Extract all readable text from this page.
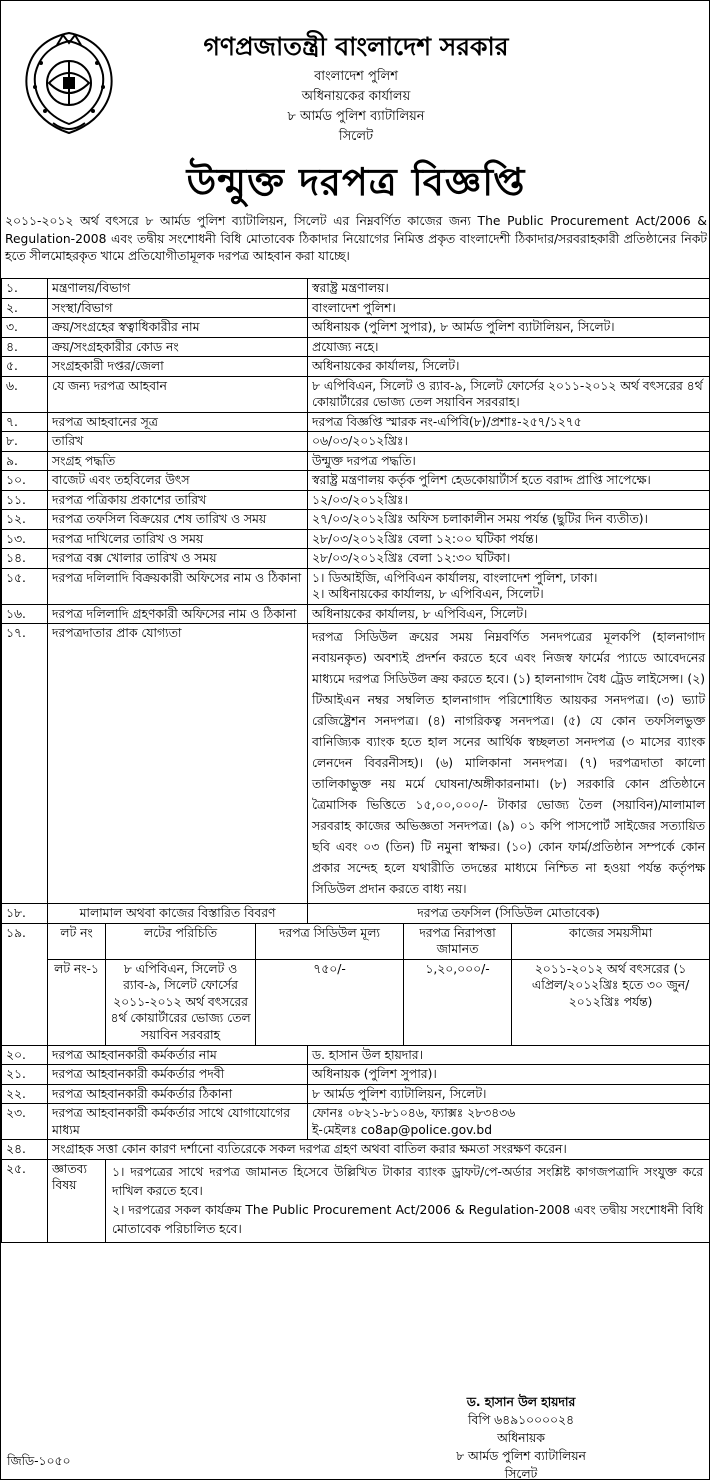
গণপ্রজাতন্ত্রী বাংলাদেশ সরকার
বাংলাদেশ পুলিশ
অধিনায়কের কার্যালয়
৮ আর্মড পুলিশ ব্যাটালিয়ন
সিলেট
উন্মুক্ত দরপত্র বিজ্ঞপ্তি

২০১১-২০১২ অর্থ বৎসরে ৮ আর্মড পুলিশ ব্যাটালিয়ন, সিলেট এর নিম্নবর্ণিত কাজের জন্য The Public Procurement Act/2006 & Regulation-2008 এবং তদ্বীয় সংশোধনী বিধি মোতাবেক ঠিকাদার নিয়োগের নিমিত্ত প্রকৃত বাংলাদেশী ঠিকাদার/সরবরাহকারী প্রতিষ্ঠানের নিকট হতে সীলমোহরকৃত খামে প্রতিযোগীতামূলক দরপত্র আহবান করা যাচ্ছে।

১.	মন্ত্রণালয়/বিভাগ			স্বরাষ্ট্র মন্ত্রণালয়।		
২.	সংস্থা/বিভাগ			বাংলাদেশ পুলিশ।		
৩.	ক্রয়/সংগ্রহের স্বত্বাধিকারীর নাম			অধিনায়ক (পুলিশ সুপার), ৮ আর্মড পুলিশ ব্যাটালিয়ন, সিলেট।		
৪.	ক্রয়/সংগ্রহকারীর কোড নং			প্রযোজ্য নহে।		
৫.	সংগ্রহকারী দপ্তর/জেলা			অধিনায়কের কার্যালয়, সিলেট।		
৬.	যে জন্য দরপত্র আহবান			৮ এপিবিএন, সিলেট ও র‍্যাব-৯, সিলেট ফোর্সের ২০১১-২০১২ অর্থ বৎসরের ৪র্থ কোয়ার্টারের ভোজ্য তেল সয়াবিন সরবরাহ।		
৭.	দরপত্র আহবানের সূত্র			দরপত্র বিজ্ঞপ্তি স্মারক নং-এপিবি(৮)/প্রশাঃ-২৫৭/১২৭৫		
৮.	তারিখ			০৬/০৩/২০১২খ্রিঃ।		
৯.	সংগ্রহ পদ্ধতি			উন্মুক্ত দরপত্র পদ্ধতি।		
১০.	বাজেট এবং তহবিলের উৎস			স্বরাষ্ট্র মন্ত্রণালয় কর্তৃক পুলিশ হেডকোয়ার্টার্স হতে বরাদ্দ প্রাপ্তি সাপেক্ষে।		
১১.	দরপত্র পত্রিকায় প্রকাশের তারিখ			১২/০৩/২০১২খ্রিঃ।		
১২.	দরপত্র তফসিল বিক্রয়ের শেষ তারিখ ও সময়			২৭/০৩/২০১২খ্রিঃ অফিস চলাকালীন সময় পর্যন্ত (ছুটির দিন ব্যতীত)।		
১৩.	দরপত্র দাখিলের তারিখ ও সময়			২৮/০৩/২০১২খ্রিঃ বেলা ১২:০০ ঘটিকা পর্যন্ত।		
১৪.	দরপত্র বক্স খোলার তারিখ ও সময়			২৮/০৩/২০১২খ্রিঃ বেলা ১২:৩০ ঘটিকা।		
১৫.	দরপত্র দলিলাদি বিক্রয়কারী অফিসের নাম ও ঠিকানা			১। ডিআইজি, এপিবিএন কার্যালয়, বাংলাদেশ পুলিশ, ঢাকা।
২। অধিনায়কের কার্যালয়, ৮ এপিবিএন, সিলেট।		

১৬.	দরপত্র দলিলাদি গ্রহণকারী অফিসের নাম ও ঠিকানা			অধিনায়কের কার্যালয়, ৮ এপিবিএন, সিলেট।		
১৭.	দরপত্রদাতার প্রাক যোগ্যতা			দরপত্র সিডিউল ক্রয়ের সময় নিম্নবর্ণিত সনদপত্রের মূলকপি (হালনাগাদ নবায়নকৃত) অবশ্যই প্রদর্শন করতে হবে এবং নিজস্ব ফার্মের প্যাডে আবেদনের মাধ্যমে দরপত্র সিডিউল ক্রয় করতে হবে। (১) হালনাগাদ বৈধ ট্রেড লাইসেন্স। (২) টিআইএন নম্বর সম্বলিত হালনাগাদ পরিশোধিত আয়কর সনদপত্র। (৩) ভ্যাট রেজিষ্ট্রেশন সনদপত্র। (৪) নাগরিকত্ব সনদপত্র। (৫) যে কোন তফসিলভুক্ত বানিজ্যিক ব্যাংক হতে হাল সনের আর্থিক স্বচ্ছলতা সনদপত্র (৩ মাসের ব্যাংক লেনদেন বিবরনীসহ)। (৬) মালিকানা সনদপত্র। (৭) দরপত্রদাতা কালো তালিকাভুক্ত নয় মর্মে ঘোষনা/অঙ্গীকারনামা। (৮) সরকারি কোন প্রতিষ্ঠানে ত্রৈমাসিক ভিত্তিতে ১৫,০০,০০০/- টাকার ভোজ্য তৈল (সয়াবিন)/মালামাল সরবরাহ কাজের অভিজ্ঞতা সনদপত্র। (৯) ০১ কপি পাসপোর্ট সাইজের সত্যায়িত ছবি এবং ০৩ (তিন) টি নমুনা স্বাক্ষর। (১০) কোন ফার্ম/প্রতিষ্ঠান সম্পর্কে কোন প্রকার সন্দেহ হলে যথারীতি তদন্তের মাধ্যমে নিশ্চিত না হওয়া পর্যন্ত কর্তৃপক্ষ সিডিউল প্রদান করতে বাধ্য নয়।		
১৮.	মালামাল অথবা কাজের বিস্তারিত বিবরণ			দরপত্র তফসিল (সিডিউল মোতাবেক)		
১৯.	লট নং	লটের পরিচিতি	দরপত্র সিডিউল মূল্য		দরপত্র নিরাপত্তা জামানত	কাজের সময়সীমা
	লট নং-১	৮ এপিবিএন, সিলেট ও র‍্যাব-৯, সিলেট ফোর্সের ২০১১-২০১২ অর্থ বৎসরের ৪র্থ কোয়ার্টারের ভোজ্য তেল সয়াবিন সরবরাহ	৭৫০/-		১,২০,০০০/-	২০১১-২০১২ অর্থ বৎসরের (১ এপ্রিল/২০১২খ্রিঃ হতে ৩০ জুন/২০১২খ্রিঃ পর্যন্ত)
২০.	দরপত্র আহবানকারী কর্মকর্তার নাম			ড. হাসান উল হায়দার।		
২১.	দরপত্র আহবানকারী কর্মকর্তার পদবী			অধিনায়ক (পুলিশ সুপার)।		
২২.	দরপত্র আহবানকারী কর্মকর্তার ঠিকানা			৮ আর্মড পুলিশ ব্যাটালিয়ন, সিলেট।		
২৩.	দরপত্র আহবানকারী কর্মকর্তার সাথে যোগাযোগের মাধ্যম			ফোনঃ ০৮২১-৮১০৪৬, ফ্যাক্সঃ ২৮৩৪৩৬
ই-মেইলঃ co8ap@police.gov.bd		

২৪.	সংগ্রাহক সত্তা কোন কারণ দর্শানো ব্যতিরেকে সকল দরপত্র গ্রহণ অথবা বাতিল করার ক্ষমতা সংরক্ষণ করেন।					
২৫.	জ্ঞাতব্য বিষয়	১। দরপত্রের সাথে দরপত্র জামানত হিসেবে উল্লিখিত টাকার ব্যাংক ড্রাফট/পে-অর্ডার সংশ্লিষ্ট কাগজপত্রাদি সংযুক্ত করে দাখিল করতে হবে।
২। দরপত্রের সকল কার্যক্রম The Public Procurement Act/2006 & Regulation-2008 এবং তদ্বীয় সংশোধনী বিধি মোতাবেক পরিচালিত হবে।				
ড. হাসান উল হায়দার
বিপি ৬৪৯১০০০০২৪
অধিনায়ক
৮ আর্মড পুলিশ ব্যাটালিয়ন
সিলেট
জিডি-১০৫০
